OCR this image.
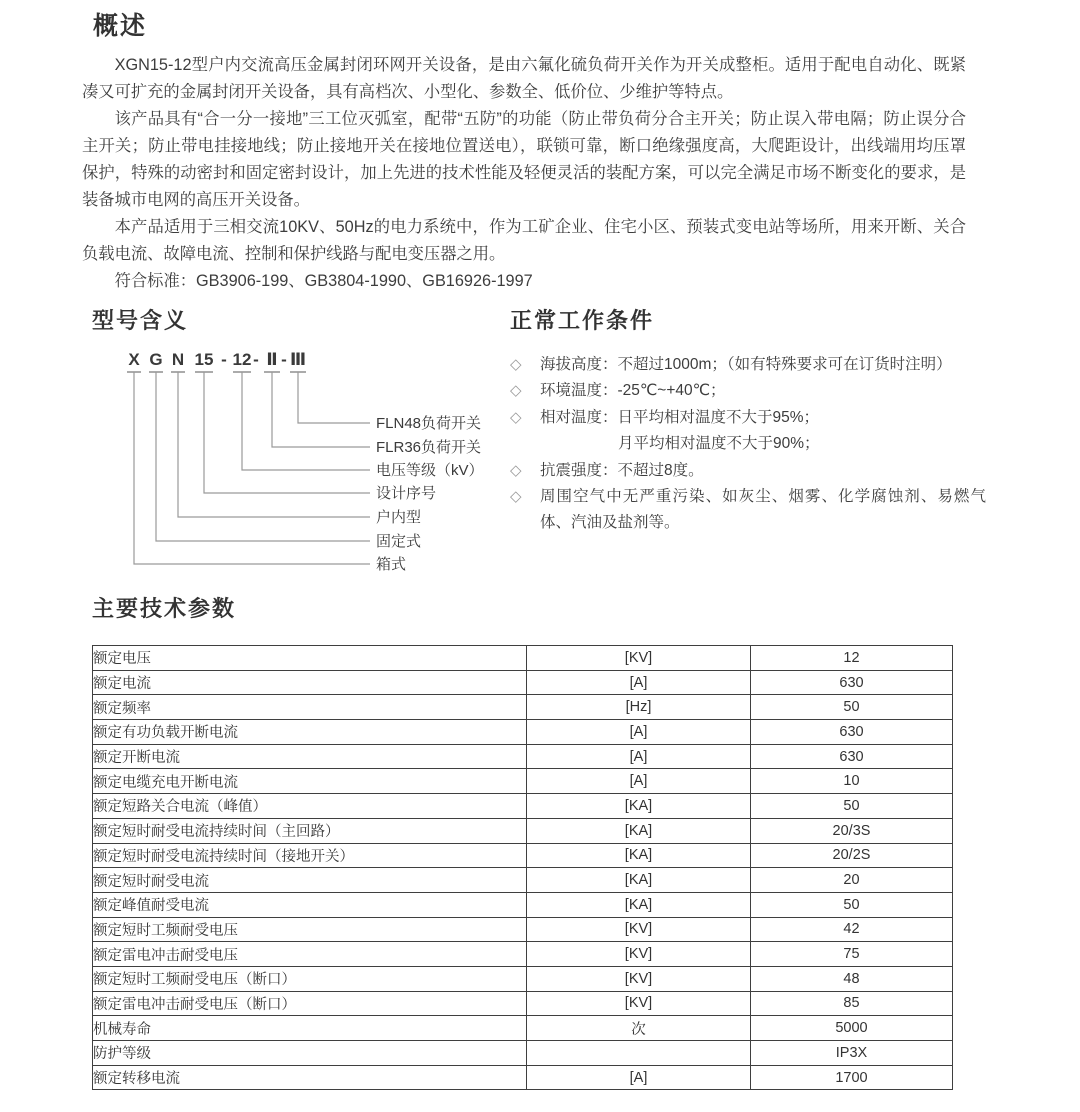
概述

XGN15-12型户内交流高压金属封闭环网开关设备，是由六氟化硫负荷开关作为开关成整柜。适用于配电自动化、既紧凑又可扩充的金属封闭开关设备，具有高档次、小型化、参数全、低价位、少维护等特点。

该产品具有“合一分一接地”三工位灭弧室，配带“五防”的功能（防止带负荷分合主开关；防止误入带电隔；防止误分合主开关；防止带电挂接地线；防止接地开关在接地位置送电），联锁可靠，断口绝缘强度高，大爬距设计，出线端用均压罩保护，特殊的动密封和固定密封设计，加上先进的技术性能及轻便灵活的装配方案，可以完全满足市场不断变化的要求，是装备城市电网的高压开关设备。

本产品适用于三相交流10KV、50Hz的电力系统中，作为工矿企业、住宅小区、预装式变电站等场所，用来开断、关合负载电流、故障电流、控制和保护线路与配电变压器之用。

符合标准：GB3906-199、GB3804-1990、GB16926-1997

型号含义
X G N 15 - 12 - Ⅱ - Ⅲ
FLN48负荷开关
FLR36负荷开关
电压等级（kV）
设计序号
户内型
固定式
箱式
正常工作条件
◇	海拔高度：不超过1000m；（如有特殊要求可在订货时注明）
◇	环境温度：-25℃~+40℃；
◇	相对温度：日平均相对温度不大于95%；
月平均相对温度不大于90%；
◇	抗震强度：不超过8度。
◇	周围空气中无严重污染、如灰尘、烟雾、化学腐蚀剂、易燃气体、汽油及盐剂等。
主要技术参数
额定电压	[KV]	12
额定电流	[A]	630
额定频率	[Hz]	50
额定有功负载开断电流	[A]	630
额定开断电流	[A]	630
额定电缆充电开断电流	[A]	10
额定短路关合电流（峰值）	[KA]	50
额定短时耐受电流持续时间（主回路）	[KA]	20/3S
额定短时耐受电流持续时间（接地开关）	[KA]	20/2S
额定短时耐受电流	[KA]	20
额定峰值耐受电流	[KA]	50
额定短时工频耐受电压	[KV]	42
额定雷电冲击耐受电压	[KV]	75
额定短时工频耐受电压（断口）	[KV]	48
额定雷电冲击耐受电压（断口）	[KV]	85
机械寿命	次	5000
防护等级		IP3X
额定转移电流	[A]	1700
